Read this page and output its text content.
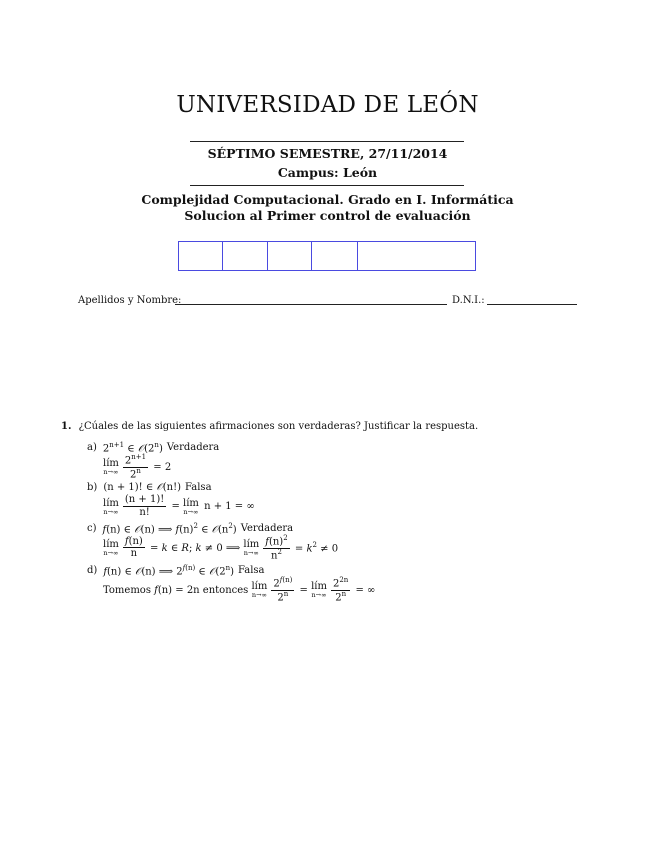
UNIVERSIDAD DE LEÓN
SÉPTIMO SEMESTRE, 27/11/2014
Campus: León
Complejidad Computacional. Grado en I. Informática
Solucion al Primer control de evaluación
Apellidos y Nombre:	D.N.I.:
1. ¿Cúales de las siguientes afirmaciones son verdaderas? Justificar la respuesta.
a) $2^{n+1}$ ∈ 𝒪(2$^n$) Verdadera
lím
$n\to\infty \frac{2^{n+1}}{2^n} = 2$
b) (n + 1)! ∈ 𝒪(n!) Falsa
lím
$n\to\infty \frac{(n + 1)!}{n!}$ = lím
n→∞ n + 1 = ∞
c) f(n) ∈ 𝒪(n) ⟹ $f(n)^2$ ∈ $𝒪(n^2)$ Verdadera
lím
$n\to\infty \frac{f(n)}{n} = k$ ∈ R; k ≠ 0 ⟹ lím
$n\to\infty \frac{f(n)^2}{n^2} = k^2 \ne 0$
d) f(n) ∈ 𝒪(n) ⟹ $2^{f(n)}$ ∈ 𝒪(2$^n$) Falsa
Tomemos f(n) = 2n entonces lím
$n\to\infty \frac{2^{f(n)}}{2^n}$ = lím
$n\to\infty \frac{2^{2n}}{2^n}$ = ∞
